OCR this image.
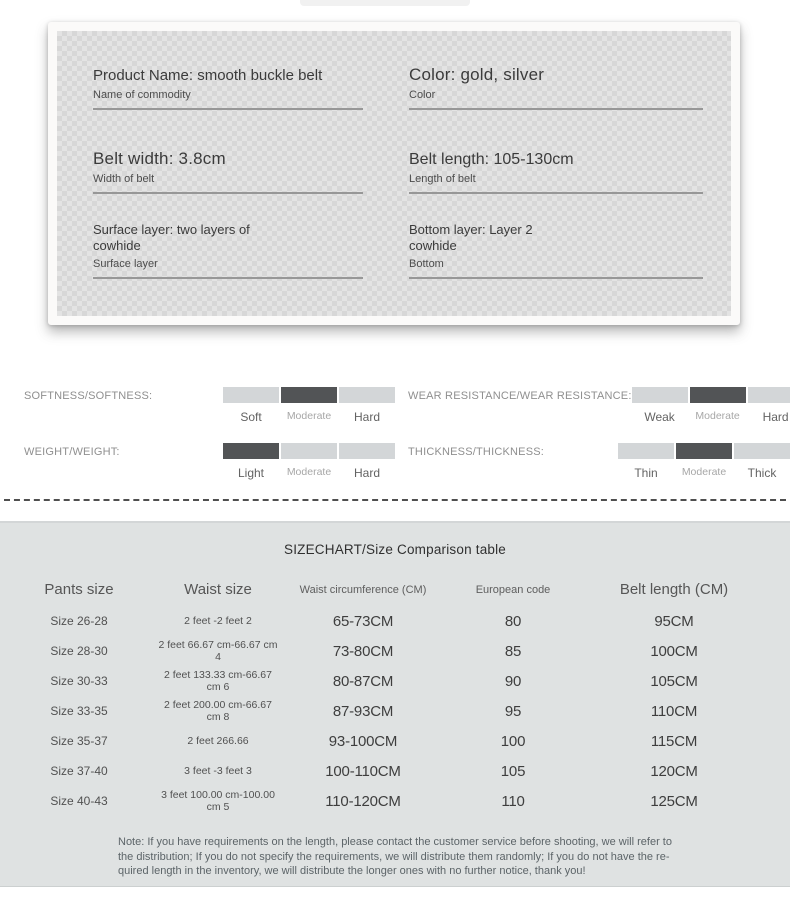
Product Name: smooth buckle belt
Name of commodity
Color: gold, silver
Color
Belt width: 3.8cm
Width of belt
Belt length: 105-130cm
Length of belt
Surface layer: two layers of cowhide
Surface layer
Bottom layer: Layer 2 cowhide
Bottom
SOFTNESS/SOFTNESS:
Soft	Moderate	Hard
WEAR RESISTANCE/WEAR RESISTANCE:
Weak	Moderate	Hard
WEIGHT/WEIGHT:
Light	Moderate	Hard
THICKNESS/THICKNESS:
Thin	Moderate	Thick
SIZECHART/Size Comparison table
Pants size	Waist size	Waist circumference (CM)	European code	Belt length (CM)
Size 26-28	2 feet -2 feet 2	65-73CM	80	95CM
Size 28-30	2 feet 66.67 cm-66.67 cm 4	73-80CM	85	100CM
Size 30-33	2 feet 133.33 cm-66.67 cm 6	80-87CM	90	105CM
Size 33-35	2 feet 200.00 cm-66.67 cm 8	87-93CM	95	110CM
Size 35-37	2 feet 266.66	93-100CM	100	115CM
Size 37-40	3 feet -3 feet 3	100-110CM	105	120CM
Size 40-43	3 feet 100.00 cm-100.00 cm 5	110-120CM	110	125CM
Note: If you have requirements on the length, please contact the customer service before shooting, we will refer to
the distribution; If you do not specify the requirements, we will distribute them randomly; If you do not have the re-
quired length in the inventory, we will distribute the longer ones with no further notice, thank you!
